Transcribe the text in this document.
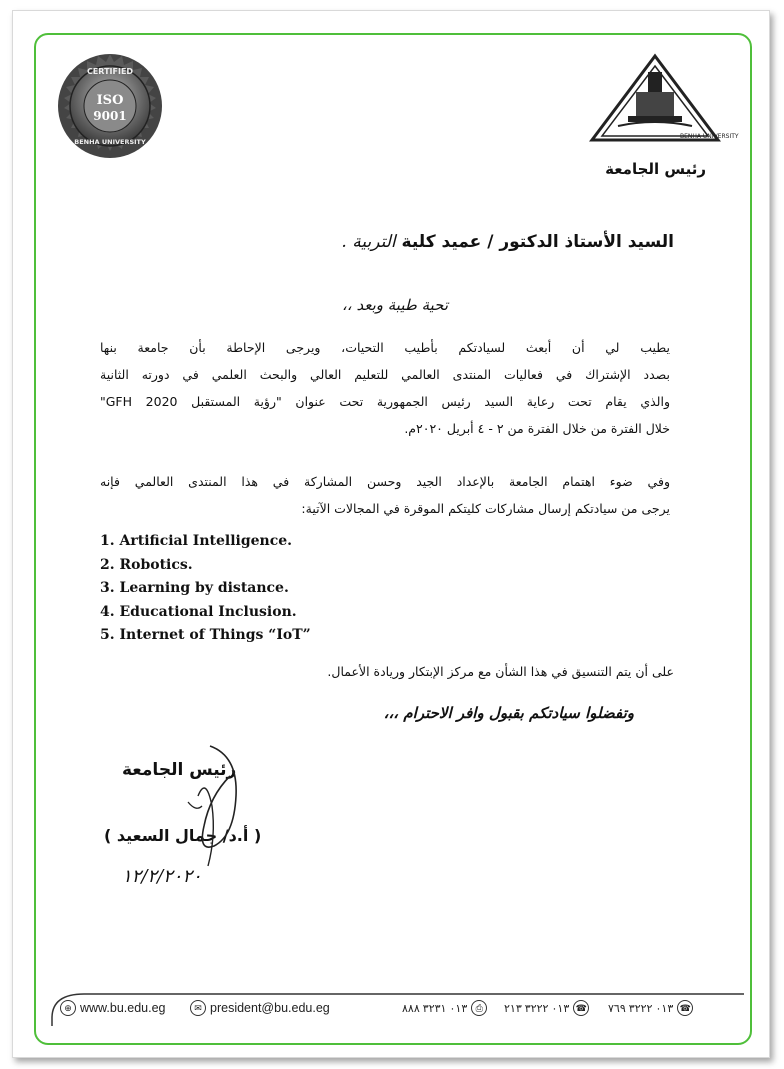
CERTIFIED
ISO
9001
BENHA UNIVERSITY
BENHA UNIVERSITY
رئيس الجامعة
السيد الأستاذ الدكتور / عميد كلية التربية .
تحية طيبة وبعد ،،

يطيب لي أن أبعث لسيادتكم بأطيب التحيات، ويرجى الإحاطة بأن جامعة بنها

بصدد الإشتراك في فعاليات المنتدى العالمي للتعليم العالي والبحث العلمي في دورته الثانية

والذي يقام تحت رعاية السيد رئيس الجمهورية تحت عنوان "رؤية المستقبل GFH 2020"

خلال الفترة من خلال الفترة من ٢ - ٤ أبريل ٢٠٢٠م.

وفي ضوء اهتمام الجامعة بالإعداد الجيد وحسن المشاركة في هذا المنتدى العالمي فإنه

يرجى من سيادتكم إرسال مشاركات كليتكم الموقرة في المجالات الآتية:

1. Artificial Intelligence.
2. Robotics.
3. Learning by distance.
4. Educational Inclusion.
5. Internet of Things “IoT”
على أن يتم التنسيق في هذا الشأن مع مركز الإبتكار وريادة الأعمال.
وتفضلوا سيادتكم بقبول وافر الاحترام ،،،
رئيس الجامعة
( أ.د/ جمال السعيد )
١٢/٢/٢٠٢٠
⊕ www.bu.edu.eg	✉ president@bu.edu.eg	٠١٣ ٣٢٣١ ٨٨٨ ⎙	٠١٣ ٣٢٢٢ ٢١٣ ☎ ٠١٣ ٣٢٢٢ ٧٦٩ ☎
